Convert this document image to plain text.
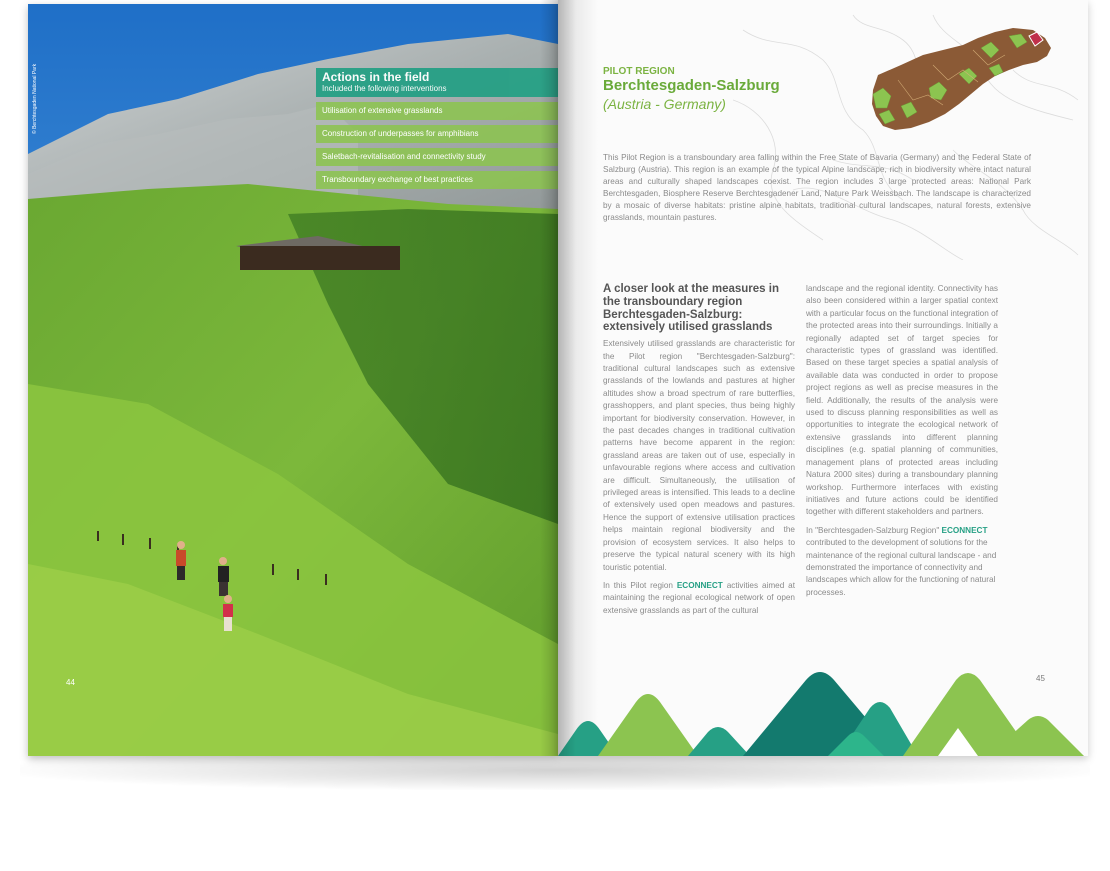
© Berchtesgaden National Park
44
Actions in the field
Included the following interventions
Utilisation of extensive grasslands
Construction of underpasses for amphibians
Saletbach-revitalisation and connectivity study
Transboundary exchange of best practices
PILOT REGION
Berchtesgaden-Salzburg
(Austria - Germany)

This Pilot Region is a transboundary area falling within the Free State of Bavaria (Germany) and the Federal State of Salzburg (Austria). This region is an example of the typical Alpine landscape, rich in biodiversity where intact natural areas and culturally shaped landscapes coexist. The region includes 3 large protected areas: National Park Berchtesgaden, Biosphere Reserve Berchtesgadener Land, Nature Park Weissbach. The landscape is characterized by a mosaic of diverse habitats: pristine alpine habitats, traditional cultural landscapes, natural forests, extensive grasslands, mountain pastures.

A closer look at the measures in the transboundary region Berchtesgaden-Salzburg: extensively utilised grasslands

Extensively utilised grasslands are characteristic for the Pilot region "Berchtesgaden-Salzburg": traditional cultural landscapes such as extensive grasslands of the lowlands and pastures at higher altitudes show a broad spectrum of rare butterflies, grasshoppers, and plant species, thus being highly important for biodiversity conservation. However, in the past decades changes in traditional cultivation patterns have become apparent in the region: grassland areas are taken out of use, especially in unfavourable regions where access and cultivation are difficult. Simultaneously, the utilisation of privileged areas is intensified. This leads to a decline of extensively used open meadows and pastures. Hence the support of extensive utilisation practices helps maintain regional biodiversity and the provision of ecosystem services. It also helps to preserve the typical natural scenery with its high touristic potential.

In this Pilot region ECONNECT activities aimed at maintaining the regional ecological network of open extensive grasslands as part of the cultural

landscape and the regional identity. Connectivity has also been considered within a larger spatial context with a particular focus on the functional integration of the protected areas into their surroundings. Initially a regionally adapted set of target species for characteristic types of grassland was identified. Based on these target species a spatial analysis of available data was conducted in order to propose project regions as well as precise measures in the field. Additionally, the results of the analysis were used to discuss planning responsibilities as well as opportunities to integrate the ecological network of extensive grasslands into different planning disciplines (e.g. spatial planning of communities, management plans of protected areas including Natura 2000 sites) during a transboundary planning workshop. Furthermore interfaces with existing initiatives and future actions could be identified together with different stakeholders and partners.

In "Berchtesgaden-Salzburg Region" ECONNECT contributed to the development of solutions for the maintenance of the regional cultural landscape - and demonstrated the importance of connectivity and landscapes which allow for the functioning of natural processes.

45
